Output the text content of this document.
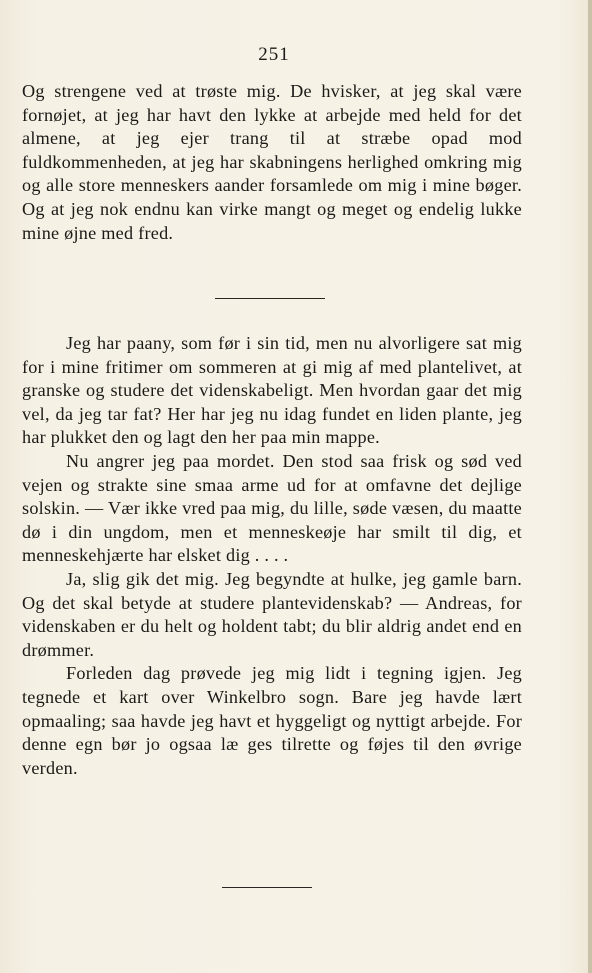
251

Og strengene ved at trøste mig. De hvisker, at jeg skal være fornøjet, at jeg har havt den lykke at arbejde med held for det almene, at jeg ejer trang til at stræbe opad mod fuldkommenheden, at jeg har skabningens herlighed omkring mig og alle store menneskers aander forsamlede om mig i mine bøger. Og at jeg nok endnu kan virke mangt og meget og endelig lukke mine øjne med fred.

Jeg har paany, som før i sin tid, men nu alvorligere sat mig for i mine fritimer om sommeren at gi mig af med plantelivet, at granske og studere det videnskabeligt. Men hvordan gaar det mig vel, da jeg tar fat? Her har jeg nu idag fundet en liden plante, jeg har plukket den og lagt den her paa min mappe.

Nu angrer jeg paa mordet. Den stod saa frisk og sød ved vejen og strakte sine smaa arme ud for at omfavne det dejlige solskin. — Vær ikke vred paa mig, du lille, søde væsen, du maatte dø i din ungdom, men et menneskeøje har smilt til dig, et menneskehjærte har elsket dig . . . .

Ja, slig gik det mig. Jeg begyndte at hulke, jeg gamle barn. Og det skal betyde at studere plantevidenskab? — Andreas, for videnskaben er du helt og holdent tabt; du blir aldrig andet end en drømmer.

Forleden dag prøvede jeg mig lidt i tegning igjen. Jeg tegnede et kart over Winkelbro sogn. Bare jeg havde lært opmaaling; saa havde jeg havt et hyggeligt og nyttigt arbejde. For denne egn bør jo ogsaa læ ges tilrette og føjes til den øvrige verden.
